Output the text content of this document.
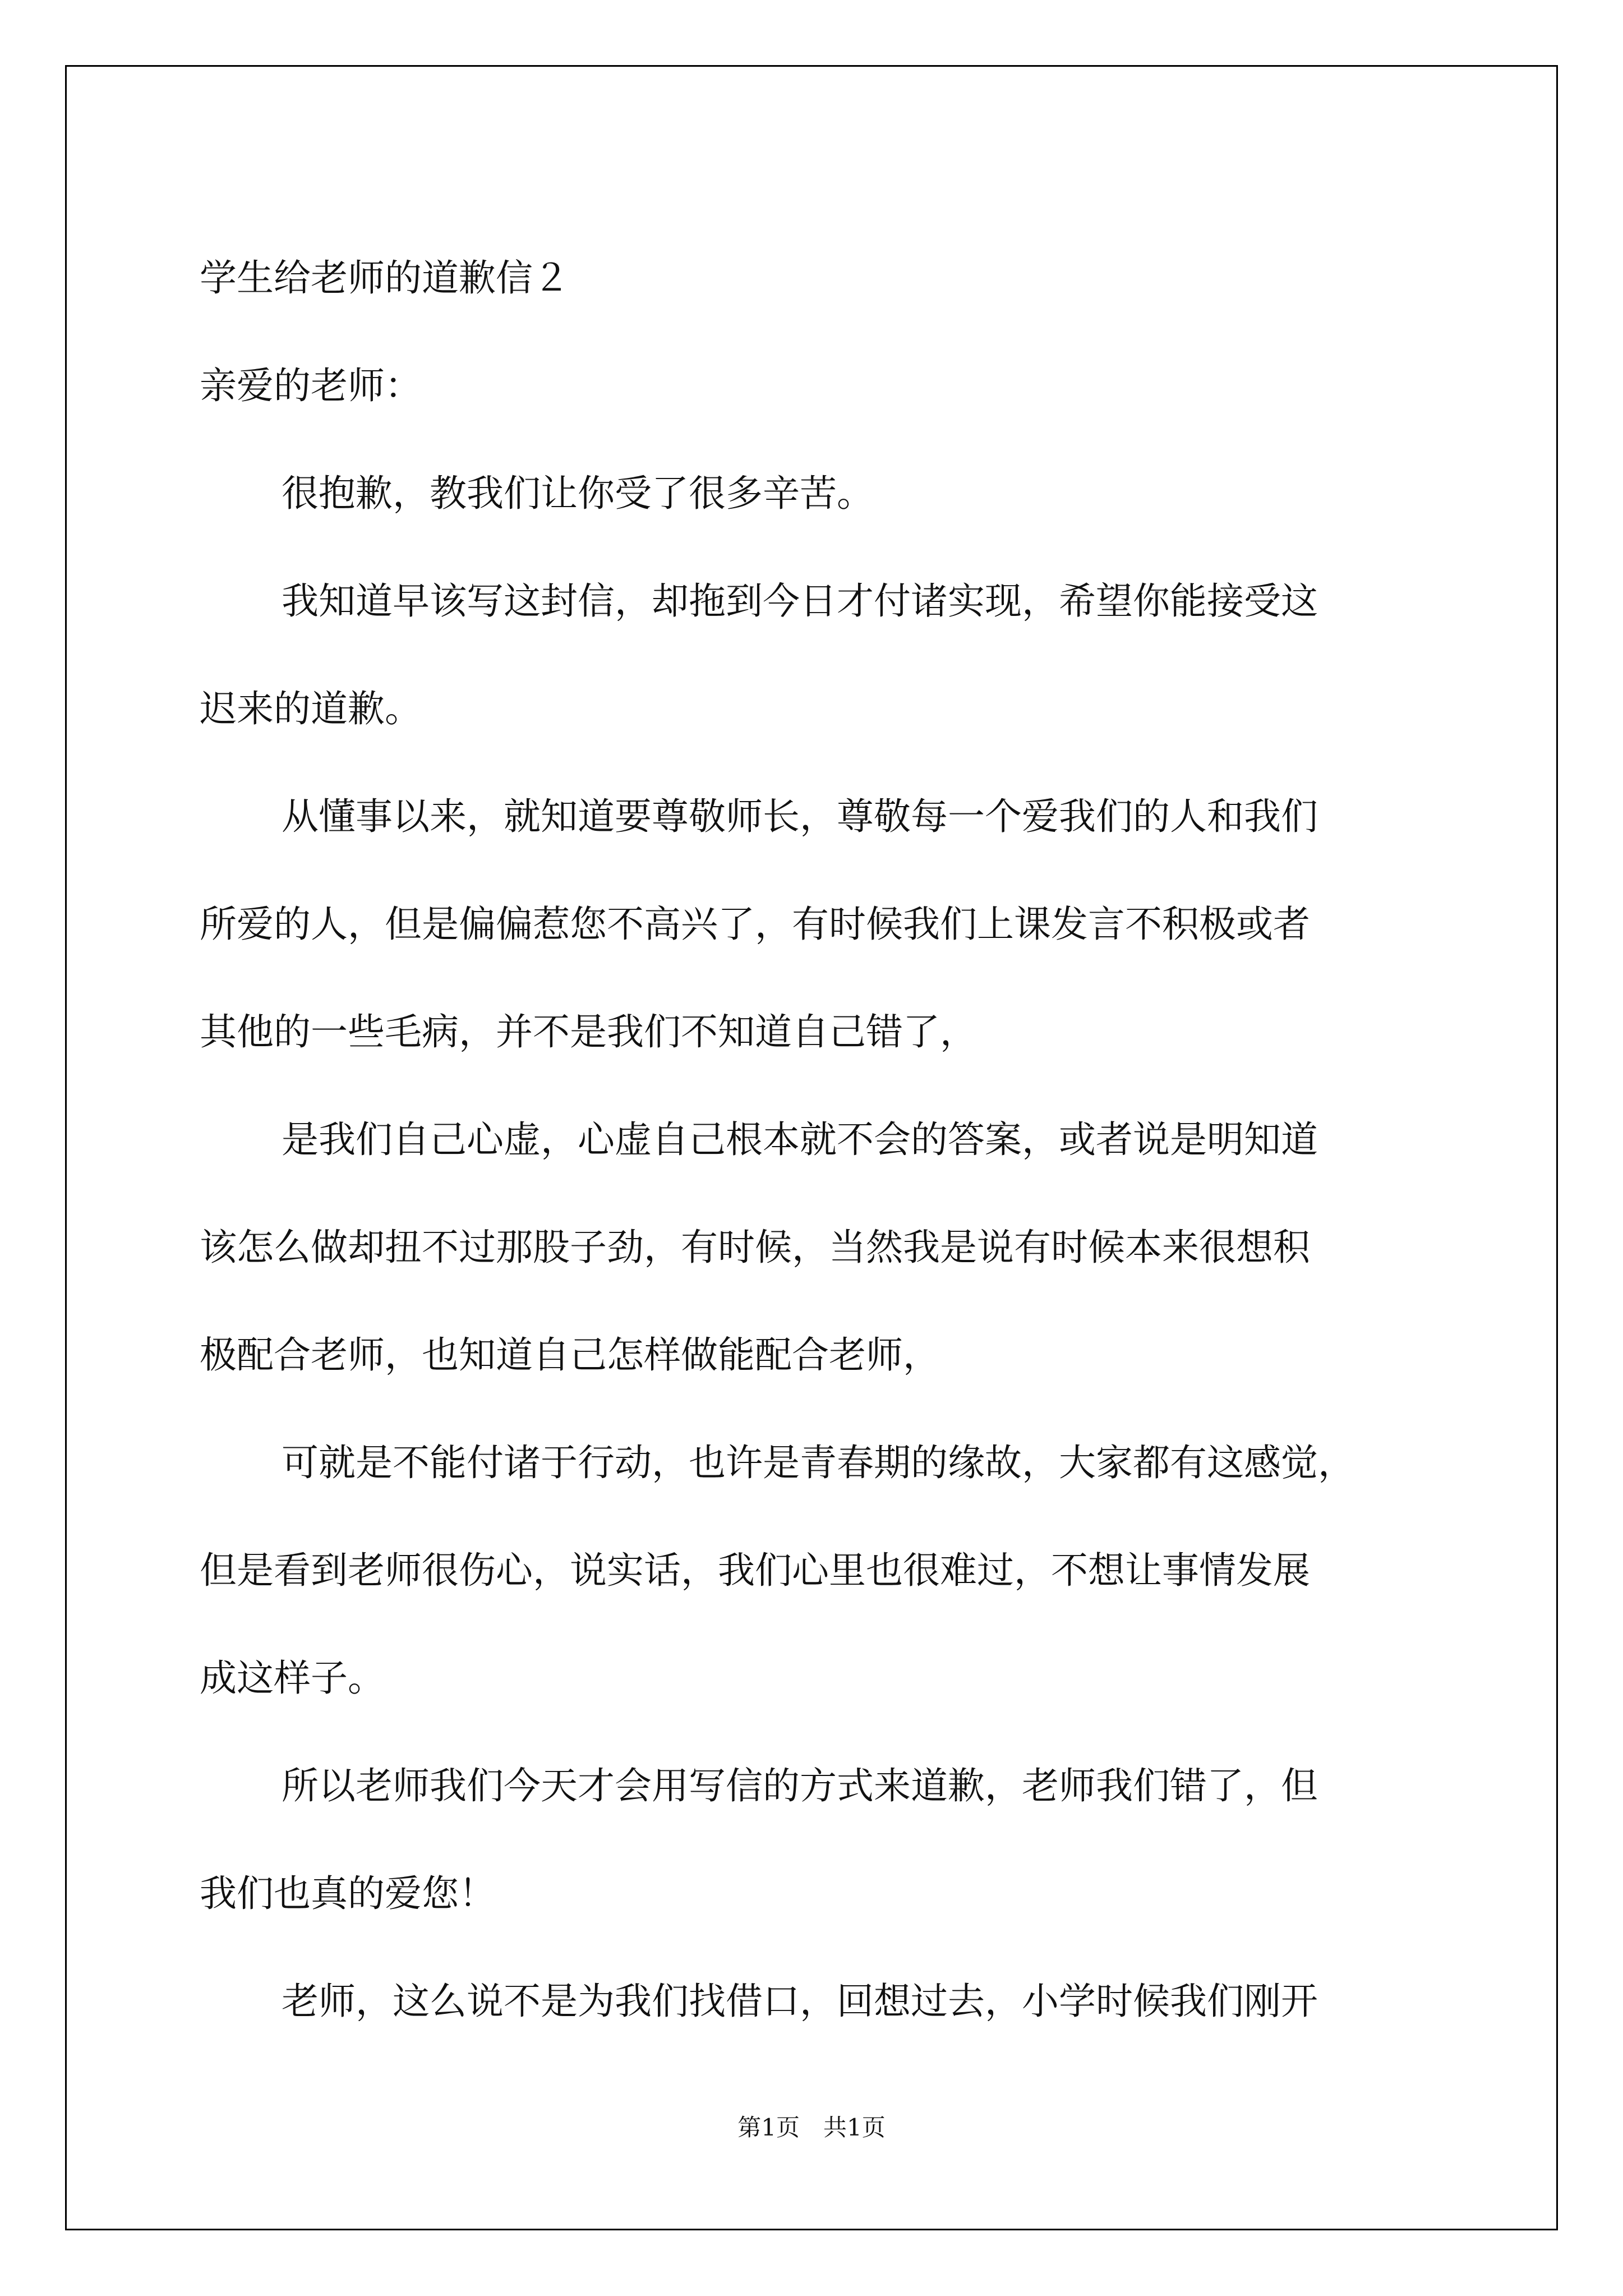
学生给老师的道歉信２

亲爱的老师：

很抱歉，教我们让你受了很多辛苦。

我知道早该写这封信，却拖到今日才付诸实现，希望你能接受这

迟来的道歉。

从懂事以来，就知道要尊敬师长，尊敬每一个爱我们的人和我们

所爱的人，但是偏偏惹您不高兴了，有时候我们上课发言不积极或者

其他的一些毛病，并不是我们不知道自己错了，

是我们自己心虚，心虚自己根本就不会的答案，或者说是明知道

该怎么做却扭不过那股子劲，有时候，当然我是说有时候本来很想积

极配合老师，也知道自己怎样做能配合老师，

可就是不能付诸于行动，也许是青春期的缘故，大家都有这感觉，

但是看到老师很伤心，说实话，我们心里也很难过，不想让事情发展

成这样子。

所以老师我们今天才会用写信的方式来道歉，老师我们错了，但

我们也真的爱您！

老师，这么说不是为我们找借口，回想过去，小学时候我们刚开

第1页　共1页
